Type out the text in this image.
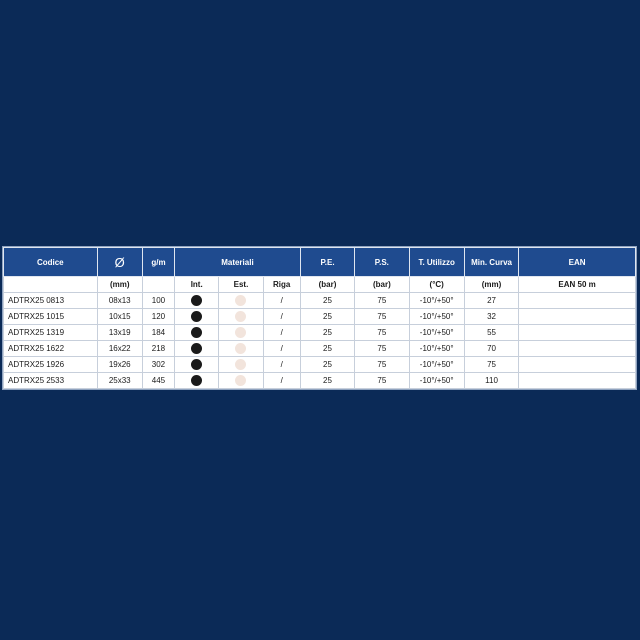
Codice	Ø	g/m	Materiali			P.E.	P.S.	T. Utilizzo	Min. Curva	EAN
	(mm)		Int.	Est.	Riga	(bar)	(bar)	(°C)	(mm)	EAN 50 m
ADTRX25 0813	08x13	100			/	25	75	-10°/+50°	27	
ADTRX25 1015	10x15	120			/	25	75	-10°/+50°	32	
ADTRX25 1319	13x19	184			/	25	75	-10°/+50°	55	
ADTRX25 1622	16x22	218			/	25	75	-10°/+50°	70	
ADTRX25 1926	19x26	302			/	25	75	-10°/+50°	75	
ADTRX25 2533	25x33	445			/	25	75	-10°/+50°	110	
